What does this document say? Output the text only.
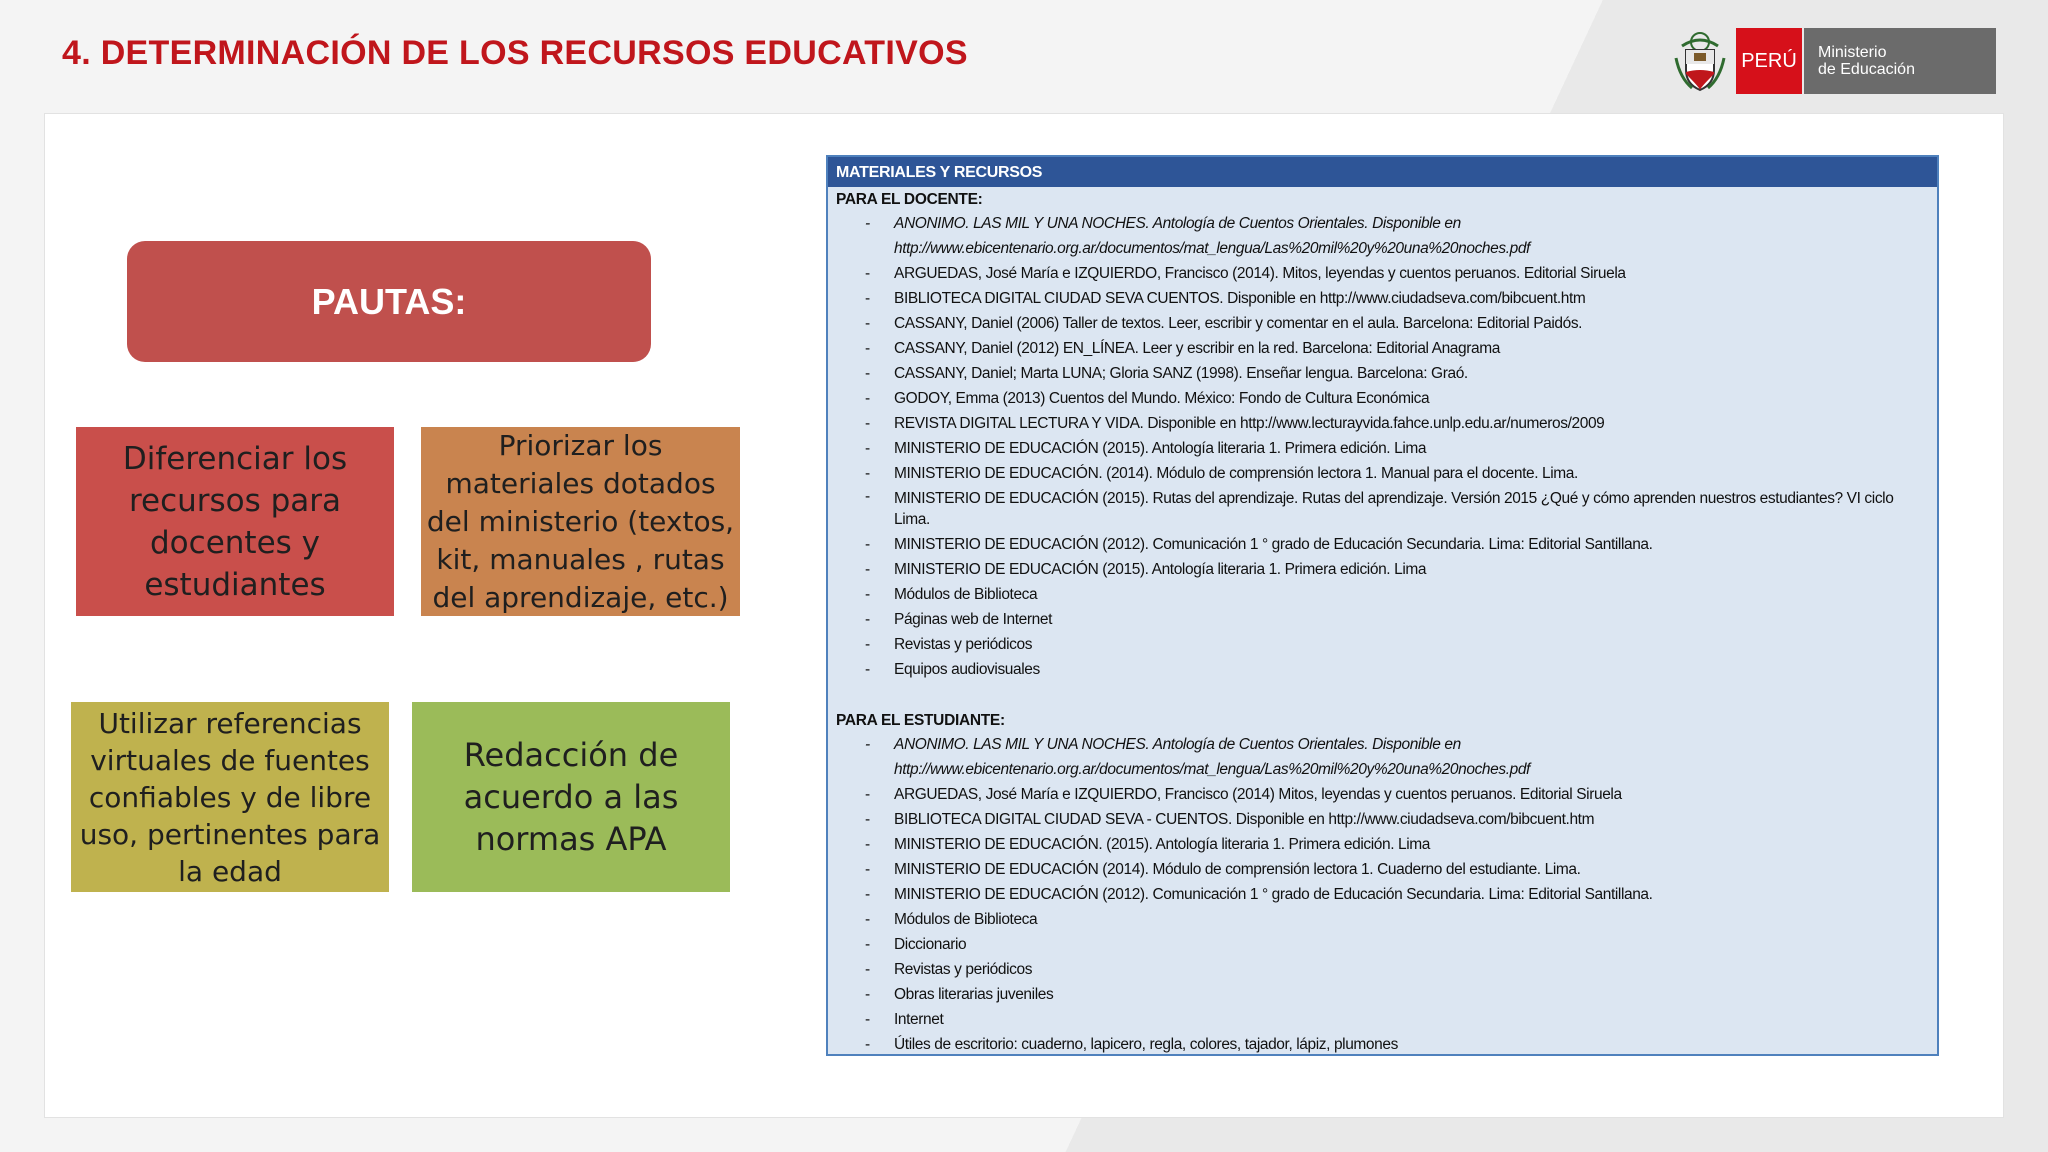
4. DETERMINACIÓN DE LOS RECURSOS EDUCATIVOS	PERÚ	Ministerio
de Educación
PAUTAS:
Diferenciar los
recursos para
docentes y
estudiantes
Priorizar los
materiales dotados
del ministerio (textos,
kit, manuales , rutas
del aprendizaje, etc.)
Utilizar referencias
virtuales de fuentes
confiables y de libre
uso, pertinentes para
la edad
Redacción de
acuerdo a las
normas APA
MATERIALES Y RECURSOS
PARA EL DOCENTE:
- ANONIMO. LAS MIL Y UNA NOCHES. Antología de Cuentos Orientales. Disponible en
http://www.ebicentenario.org.ar/documentos/mat_lengua/Las%20mil%20y%20una%20noches.pdf
- ARGUEDAS, José María e IZQUIERDO, Francisco (2014). Mitos, leyendas y cuentos peruanos. Editorial Siruela
- BIBLIOTECA DIGITAL CIUDAD SEVA CUENTOS. Disponible en http://www.ciudadseva.com/bibcuent.htm
- CASSANY, Daniel (2006) Taller de textos. Leer, escribir y comentar en el aula. Barcelona: Editorial Paidós.
- CASSANY, Daniel (2012) EN_LÍNEA. Leer y escribir en la red. Barcelona: Editorial Anagrama
- CASSANY, Daniel; Marta LUNA; Gloria SANZ (1998). Enseñar lengua. Barcelona: Graó.
- GODOY, Emma (2013) Cuentos del Mundo. México: Fondo de Cultura Económica
- REVISTA DIGITAL LECTURA Y VIDA. Disponible en http://www.lecturayvida.fahce.unlp.edu.ar/numeros/2009
- MINISTERIO DE EDUCACIÓN (2015). Antología literaria 1. Primera edición. Lima
- MINISTERIO DE EDUCACIÓN. (2014). Módulo de comprensión lectora 1. Manual para el docente. Lima.
- MINISTERIO DE EDUCACIÓN (2015). Rutas del aprendizaje. Rutas del aprendizaje. Versión 2015 ¿Qué y cómo aprenden nuestros estudiantes? VI ciclo Lima.
- MINISTERIO DE EDUCACIÓN (2012). Comunicación 1 ° grado de Educación Secundaria. Lima: Editorial Santillana.
- MINISTERIO DE EDUCACIÓN (2015). Antología literaria 1. Primera edición. Lima
- Módulos de Biblioteca
- Páginas web de Internet
- Revistas y periódicos
- Equipos audiovisuales
PARA EL ESTUDIANTE:
- ANONIMO. LAS MIL Y UNA NOCHES. Antología de Cuentos Orientales. Disponible en
http://www.ebicentenario.org.ar/documentos/mat_lengua/Las%20mil%20y%20una%20noches.pdf
- ARGUEDAS, José María e IZQUIERDO, Francisco (2014) Mitos, leyendas y cuentos peruanos. Editorial Siruela
- BIBLIOTECA DIGITAL CIUDAD SEVA - CUENTOS. Disponible en http://www.ciudadseva.com/bibcuent.htm
- MINISTERIO DE EDUCACIÓN. (2015). Antología literaria 1. Primera edición. Lima
- MINISTERIO DE EDUCACIÓN (2014). Módulo de comprensión lectora 1. Cuaderno del estudiante. Lima.
- MINISTERIO DE EDUCACIÓN (2012). Comunicación 1 ° grado de Educación Secundaria. Lima: Editorial Santillana.
- Módulos de Biblioteca
- Diccionario
- Revistas y periódicos
- Obras literarias juveniles
- Internet
- Útiles de escritorio: cuaderno, lapicero, regla, colores, tajador, lápiz, plumones
